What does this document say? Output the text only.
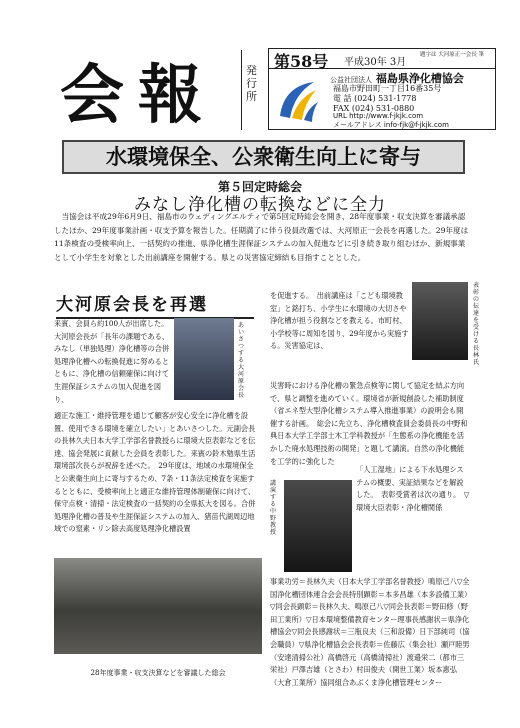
会報	発行所
第58号 平成30年 3月
題字は 大河原正一会長 筆
公益社団法人 福島県浄化槽協会
福島市野田町一丁目16番35号
電 話 (024) 531-1778
FAX (024) 531-0880
URL http://www.f-jkjk.com
メールアドレス info-fjk@f-jkjk.com
水環境保全、公衆衛生向上に寄与
第５回定時総会
みなし浄化槽の転換などに全力
当協会は平成29年6月9日、福島市のウェディングエルティで第5回定時総会を開き、28年度事業・収支決算を審議承認したほか、29年度事業計画・収支予算を報告した。任期満了に伴う役員改選では、大河原正一会長を再選した。29年度は11条検査の受検率向上、一括契約の推進、県浄化槽生涯保証システムの加入促進などに引き続き取り組むほか、新規事業として小学生を対象とした出前講座を開催する。県との災害協定締結も目指すこととした。
大河原会長を再選
来賓、会員ら約100人が出席した。大河原会長が「長年の課題である、みなし（単独処理）浄化槽等の合併処理浄化槽への転換促進に努めるとともに、浄化槽の信頼確保に向けて生涯保証システムの加入促進を図り、
あいさつする大河原会長
適正な施工・維持管理を通じて顧客が安心安全に浄化槽を設置、使用できる環境を確立したい」とあいさつした。元副会長の長林久夫日本大学工学部名誉教授らに環境大臣表彰などを伝達、協会発展に貢献した会員を表彰した。来賓の鈴木勉県生活環境部次長らが祝辞を述べた。　29年度は、地域の水環境保全と公衆衛生向上に寄与するため、7条・11条法定検査を実施するとともに、受検率向上と適正な維持管理体制確保に向けて、保守点検・清掃・法定検査の一括契約の全県拡大を図る。合併処理浄化槽の普及や生涯保証システムの加入、猪苗代湖周辺地域での窒素・リン除去高度処理浄化槽設置
28年度事業・収支決算などを審議した総会
を促進する。　出前講座は「こども環境教室」と銘打ち、小学生に水環境の大切さや浄化槽が担う役割などを教える。市町村、小学校等に周知を図り、29年度から実施する。災害協定は、
表彰の伝達を受ける長林氏
災害時における浄化槽の緊急点検等に関して協定を結ぶ方向で、県と調整を進めていく。環境省が新規創設した補助制度（省エネ型大型浄化槽システム導入推進事業）の説明会も開催する計画。　総会に先立ち、浄化槽検査員会委員長の中野和典日本大学工学部土木工学科教授が「生態系の浄化機能を活かした廃水処理技術の開発」と題して講演。自然の浄化機能を工学的に強化した
講演する中野教授
「人工湿地」による下水処理システムの概要、実証結果などを解説した。　表彰受賞者は次の通り。　▽環境大臣表彰・浄化槽関係
事業功労＝長林久夫（日本大学工学部名誉教授）鳴原己八▽全国浄化槽団体連合会会長特別顕彰＝本多昌雄（本多設備工業）▽同会長顕彰＝長林久夫、鳴原己八▽同会長表彰＝野田修（野田工業所）▽日本環境整備教育センター理事長感謝状＝県浄化槽協会▽同会長感謝状＝三瓶良夫（三和設備）日下部純司（協会職員）▽県浄化槽協会会長表彰＝佐藤広（集会社）瀬戸睦男（安達清掃公社）高橋啓元（高橋清掃社）渡邉栄二（都市三栄社）戸澤吉雄（とさわ）村田俊夫（開世工業）坂本惠弘（大倉工業所）協同組合あぶくま浄化槽管理センター
